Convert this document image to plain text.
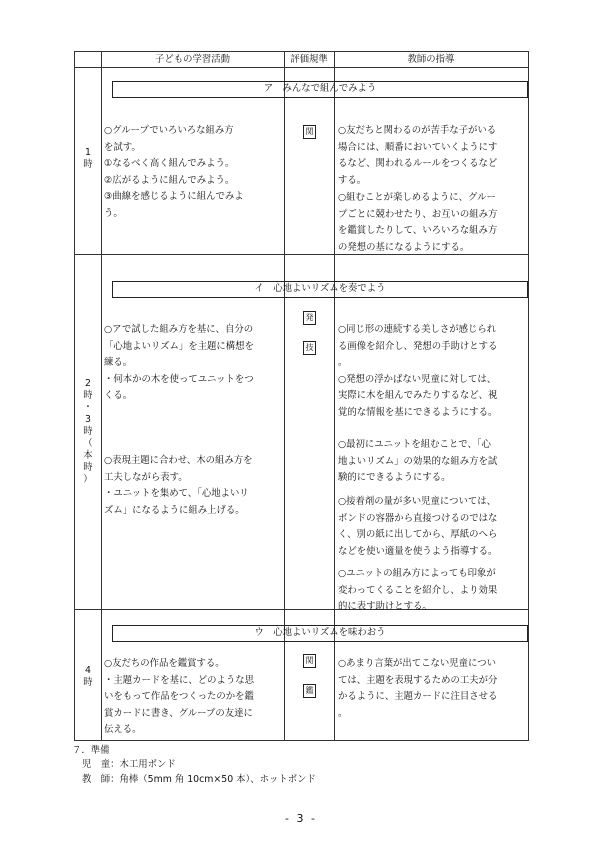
子どもの学習活動	評価規準	教師の指導
1
時
ア　みんなで組んでみよう
関
○グループでいろいろな組み方
を試す。
①なるべく高く組んでみよう。
②広がるように組んでみよう。
③曲線を感じるように組んでみよ
う。
○友だちと関わるのが苦手な子がいる
場合には、順番においていくようにす
るなど、関われるルールをつくるなど
する。
○組むことが楽しめるように、グルー
プごとに競わせたり、お互いの組み方
を鑑賞したりして、いろいろな組み方
の発想の基になるようにする。
2
時
・
3
時
（
本
時
）
イ　心地よいリズムを奏でよう
発
技
○アで試した組み方を基に、自分の
「心地よいリズム」を主題に構想を
練る。
・何本かの木を使ってユニットをつ
くる。
○同じ形の連続する美しさが感じられ
る画像を紹介し、発想の手助けとする
。
○発想の浮かばない児童に対しては、
実際に木を組んでみたりするなど、視
覚的な情報を基にできるようにする。
○表現主題に合わせ、木の組み方を
工夫しながら表す。
・ユニットを集めて、「心地よいリ
ズム」になるように組み上げる。
○最初にユニットを組むことで、「心
地よいリズム」の効果的な組み方を試
験的にできるようにする。
○接着剤の量が多い児童については、
ボンドの容器から直接つけるのではな
く、別の紙に出してから、厚紙のへら
などを使い適量を使うよう指導する。
○ユニットの組み方によっても印象が
変わってくることを紹介し、より効果
的に表す助けとする。
4
時
ウ　心地よいリズムを味わおう
関
鑑
○友だちの作品を鑑賞する。
・主題カードを基に、どのような思
いをもって作品をつくったのかを鑑
賞カードに書き、グループの友達に
伝える。
○あまり言葉が出てこない児童につい
ては、主題を表現するための工夫が分
かるように、主題カードに注目させる
。
７．準備
児　童：木工用ボンド
教　師：角棒（5mm 角 10cm×50 本）、ホットボンド
- 3 -
